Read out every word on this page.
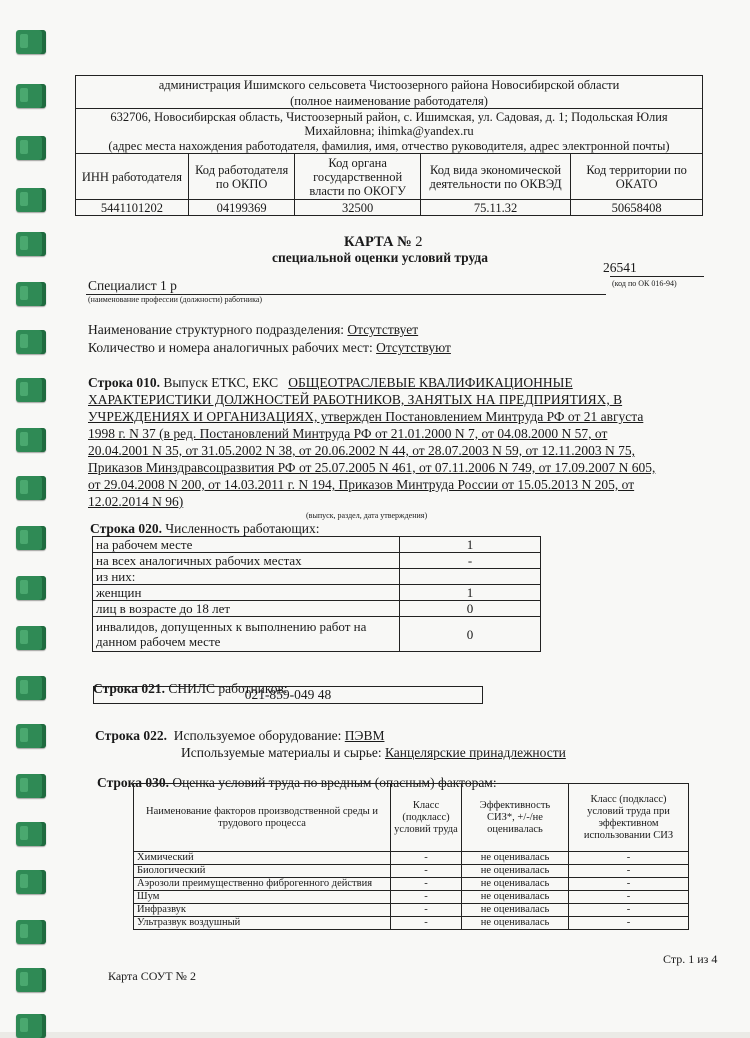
администрация Ишимского сельсовета Чистоозерного района Новосибирской области				
(полное наименование работодателя)				
632706, Новосибирская область, Чистоозерный район, с. Ишимская, ул. Садовая, д. 1; Подольская Юлия Михайловна; ihimka@yandex.ru				
(адрес места нахождения работодателя, фамилия, имя, отчество руководителя, адрес электронной почты)				
ИНН работодателя	Код работодателя по ОКПО	Код органа государственной власти по ОКОГУ	Код вида экономической деятельности по ОКВЭД	Код территории по ОКАТО
5441101202	04199369	32500	75.11.32	50658408
КАРТА № 2
специальной оценки условий труда
Специалист 1 р
26541
(наименование профессии (должности) работника)
(код по ОК 016-94)
Наименование структурного подразделения: Отсутствует
Количество и номера аналогичных рабочих мест: Отсутствуют
Строка 010. Выпуск ЕТКС, ЕКС ОБЩЕОТРАСЛЕВЫЕ КВАЛИФИКАЦИОННЫЕ
ХАРАКТЕРИСТИКИ ДОЛЖНОСТЕЙ РАБОТНИКОВ, ЗАНЯТЫХ НА ПРЕДПРИЯТИЯХ, В
УЧРЕЖДЕНИЯХ И ОРГАНИЗАЦИЯХ, утвержден Постановлением Минтруда РФ от 21 августа
1998 г. N 37 (в ред. Постановлений Минтруда РФ от 21.01.2000 N 7, от 04.08.2000 N 57, от
20.04.2001 N 35, от 31.05.2002 N 38, от 20.06.2002 N 44, от 28.07.2003 N 59, от 12.11.2003 N 75,
Приказов Минздравсоцразвития РФ от 25.07.2005 N 461, от 07.11.2006 N 749, от 17.09.2007 N 605,
от 29.04.2008 N 200, от 14.03.2011 г. N 194, Приказов Минтруда России от 15.05.2013 N 205, от
12.02.2014 N 96)
(выпуск, раздел, дата утверждения)
Строка 020. Численность работающих:
на рабочем месте	1
на всех аналогичных рабочих местах	-
из них:	
женщин	1
лиц в возрасте до 18 лет	0
инвалидов, допущенных к выполнению работ на данном рабочем месте	0
Строка 021. СНИЛС работников:
021-859-049 48
Строка 022. Используемое оборудование: ПЭВМ
Используемые материалы и сырье: Канцелярские принадлежности
Строка 030. Оценка условий труда по вредным (опасным) факторам:
Наименование факторов производственной среды и трудового процесса	Класс (подкласс) условий труда	Эффективность СИЗ*, +/-/не оценивалась	Класс (подкласс) условий труда при эффективном использовании СИЗ
Химический	-	не оценивалась	-
Биологический	-	не оценивалась	-
Аэрозоли преимущественно фиброгенного действия	-	не оценивалась	-
Шум	-	не оценивалась	-
Инфразвук	-	не оценивалась	-
Ультразвук воздушный	-	не оценивалась	-
Стр. 1 из 4
Карта СОУТ № 2
